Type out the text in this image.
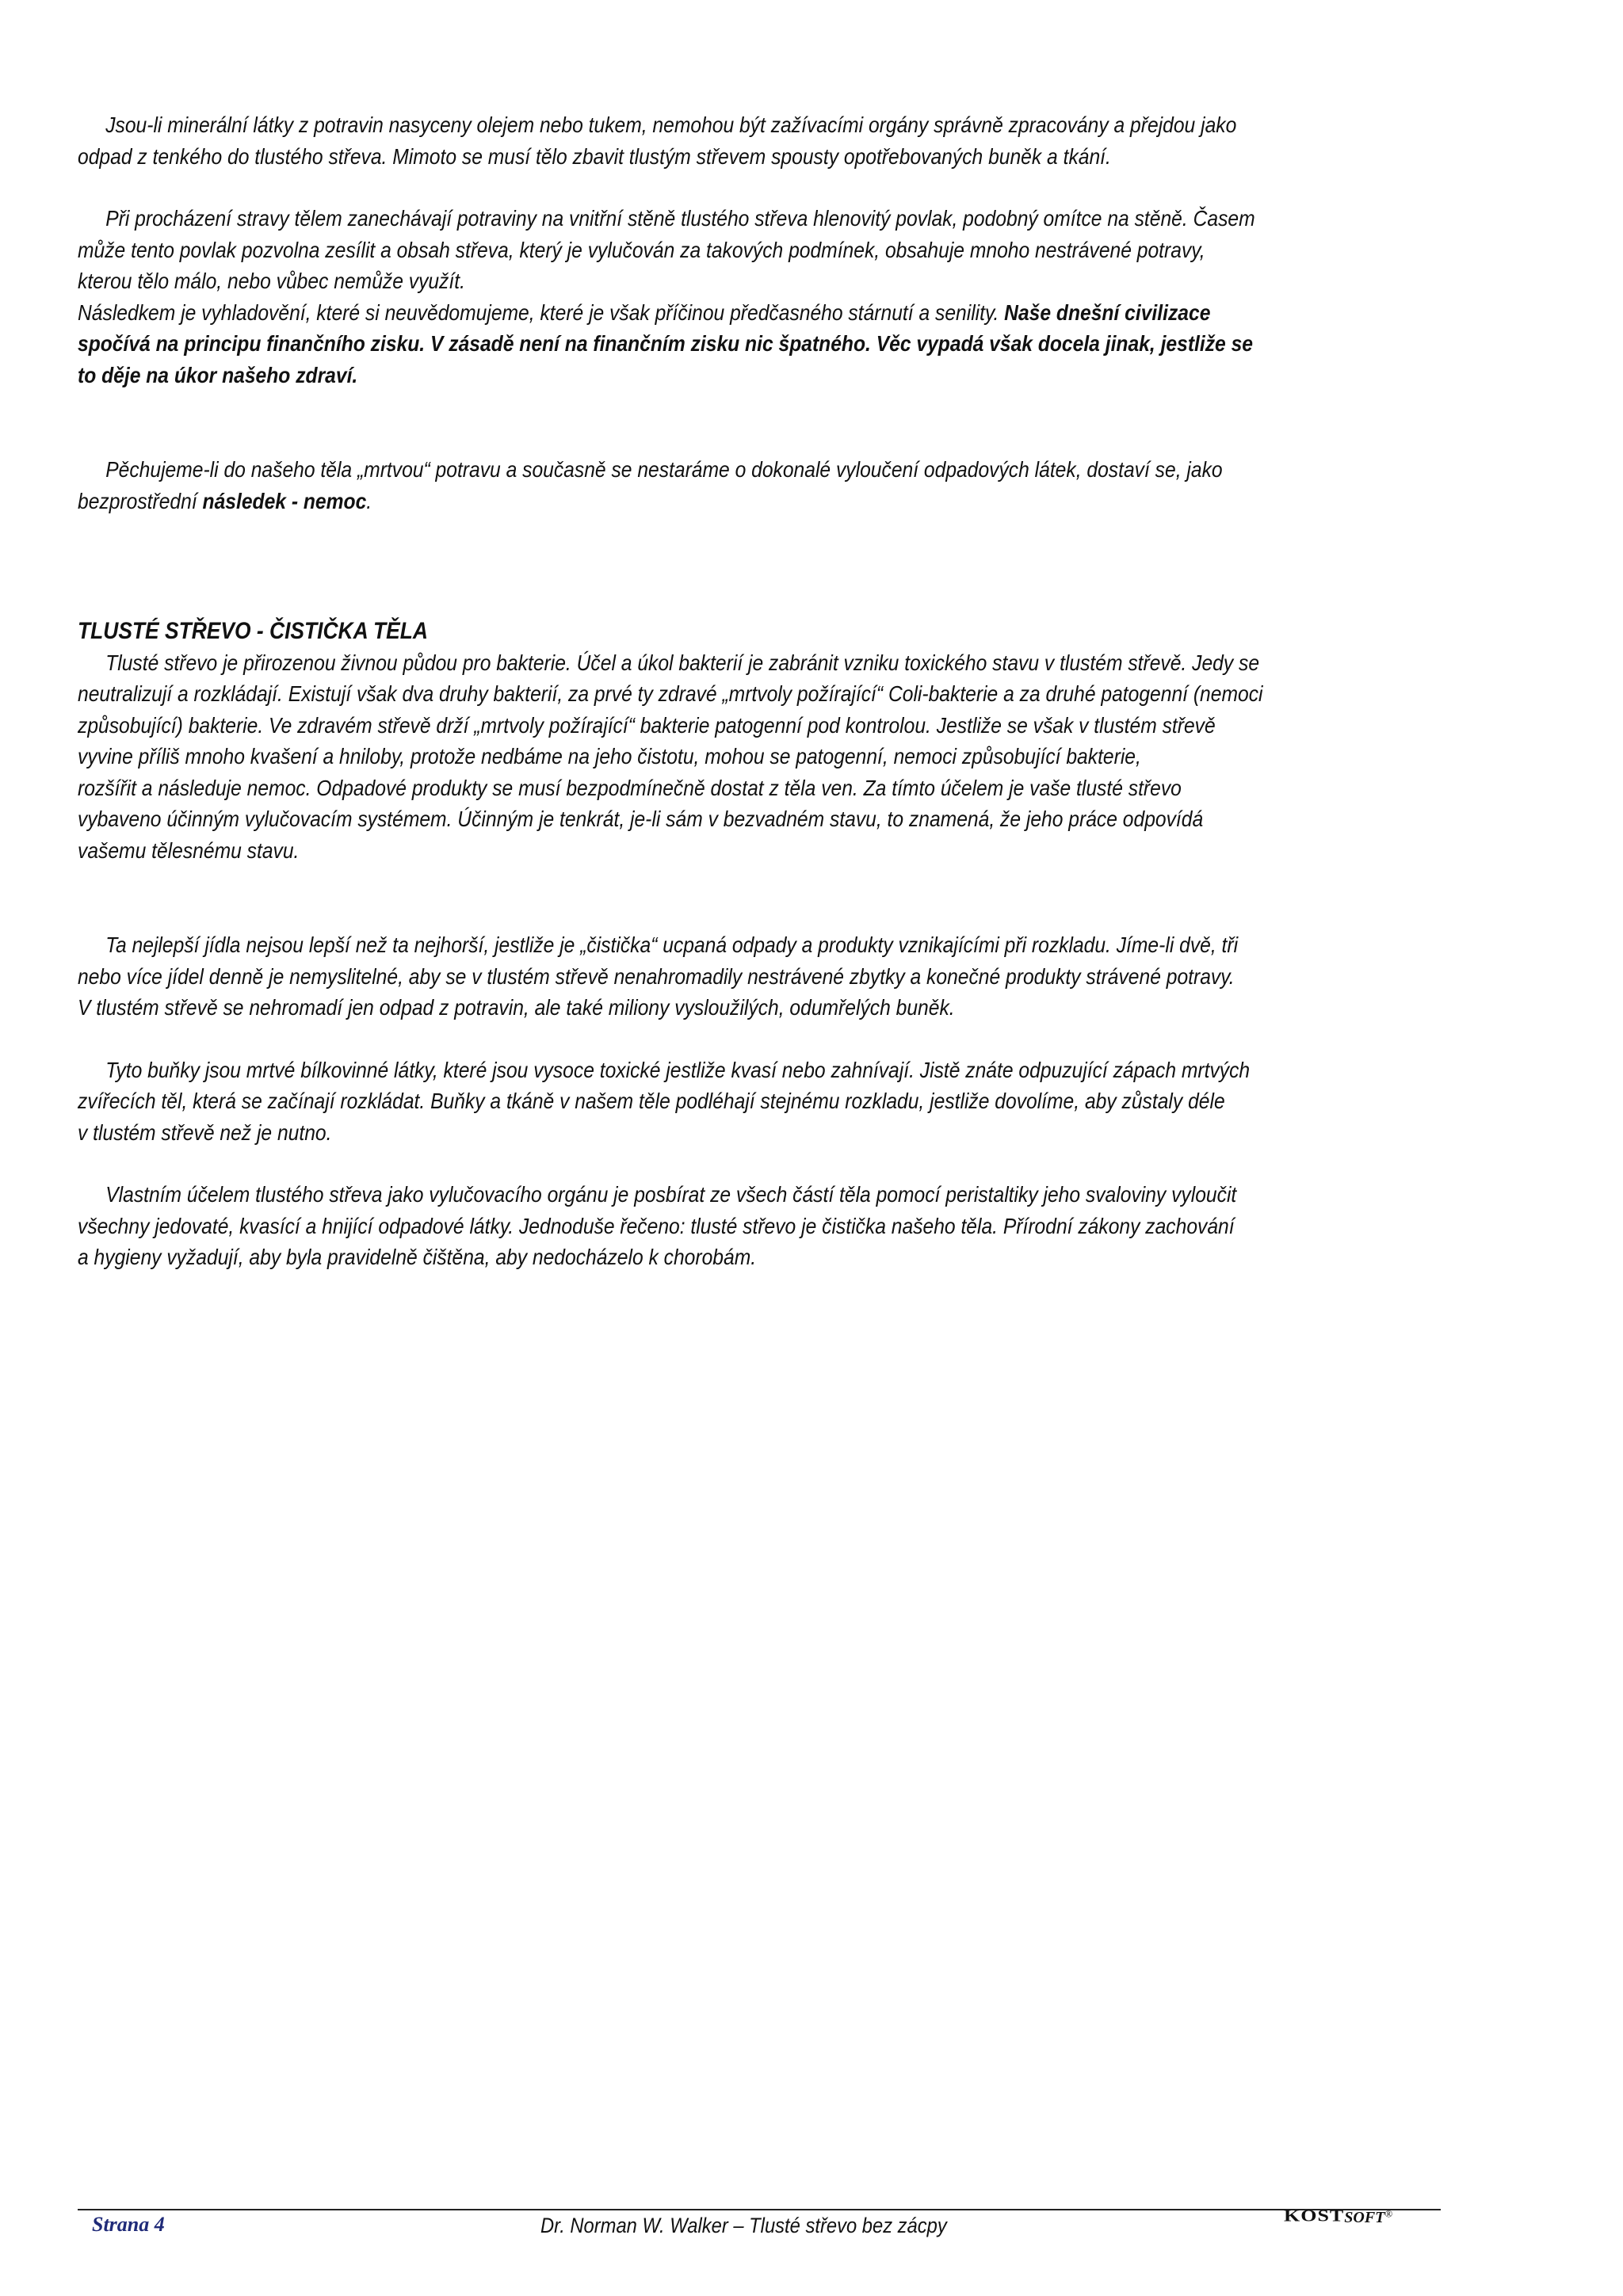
Jsou-li minerální látky z potravin nasyceny olejem nebo tukem, nemohou být zažívacími orgány správně zpracovány a přejdou jako

odpad z tenkého do tlustého střeva. Mimoto se musí tělo zbavit tlustým střevem spousty opotřebovaných buněk a tkání.

Při procházení stravy tělem zanechávají potraviny na vnitřní stěně tlustého střeva hlenovitý povlak, podobný omítce na stěně. Časem

může tento povlak pozvolna zesílit a obsah střeva, který je vylučován za takových podmínek, obsahuje mnoho nestrávené potravy,

kterou tělo málo, nebo vůbec nemůže využít.

Následkem je vyhladovění, které si neuvědomujeme, které je však příčinou předčasného stárnutí a senility. Naše dnešní civilizace

spočívá na principu finančního zisku. V zásadě není na finančním zisku nic špatného. Věc vypadá však docela jinak, jestliže se

to děje na úkor našeho zdraví.

Pěchujeme-li do našeho těla „mrtvou“ potravu a současně se nestaráme o dokonalé vyloučení odpadových látek, dostaví se, jako

bezprostřední následek - nemoc.

TLUSTÉ STŘEVO - ČISTIČKA TĚLA

Tlusté střevo je přirozenou živnou půdou pro bakterie. Účel a úkol bakterií je zabránit vzniku toxického stavu v tlustém střevě. Jedy se

neutralizují a rozkládají. Existují však dva druhy bakterií, za prvé ty zdravé „mrtvoly požírající“ Coli-bakterie a za druhé patogenní (nemoci

způsobující) bakterie. Ve zdravém střevě drží „mrtvoly požírající“ bakterie patogenní pod kontrolou. Jestliže se však v tlustém střevě

vyvine příliš mnoho kvašení a hniloby, protože nedbáme na jeho čistotu, mohou se patogenní, nemoci způsobující bakterie,

rozšířit a následuje nemoc. Odpadové produkty se musí bezpodmínečně dostat z těla ven. Za tímto účelem je vaše tlusté střevo

vybaveno účinným vylučovacím systémem. Účinným je tenkrát, je-li sám v bezvadném stavu, to znamená, že jeho práce odpovídá

vašemu tělesnému stavu.

Ta nejlepší jídla nejsou lepší než ta nejhorší, jestliže je „čistička“ ucpaná odpady a produkty vznikajícími při rozkladu. Jíme-li dvě, tři

nebo více jídel denně je nemyslitelné, aby se v tlustém střevě nenahromadily nestrávené zbytky a konečné produkty strávené potravy.

V tlustém střevě se nehromadí jen odpad z potravin, ale také miliony vysloužilých, odumřelých buněk.

Tyto buňky jsou mrtvé bílkovinné látky, které jsou vysoce toxické jestliže kvasí nebo zahnívají. Jistě znáte odpuzující zápach mrtvých

zvířecích těl, která se začínají rozkládat. Buňky a tkáně v našem těle podléhají stejnému rozkladu, jestliže dovolíme, aby zůstaly déle

v tlustém střevě než je nutno.

Vlastním účelem tlustého střeva jako vylučovacího orgánu je posbírat ze všech částí těla pomocí peristaltiky jeho svaloviny vyloučit

všechny jedovaté, kvasící a hnijící odpadové látky. Jednoduše řečeno: tlusté střevo je čistička našeho těla. Přírodní zákony zachování

a hygieny vyžadují, aby byla pravidelně čištěna, aby nedocházelo k chorobám.

Strana 4	Dr. Norman W. Walker – Tlusté střevo bez zácpy	KOSTSOFT®
